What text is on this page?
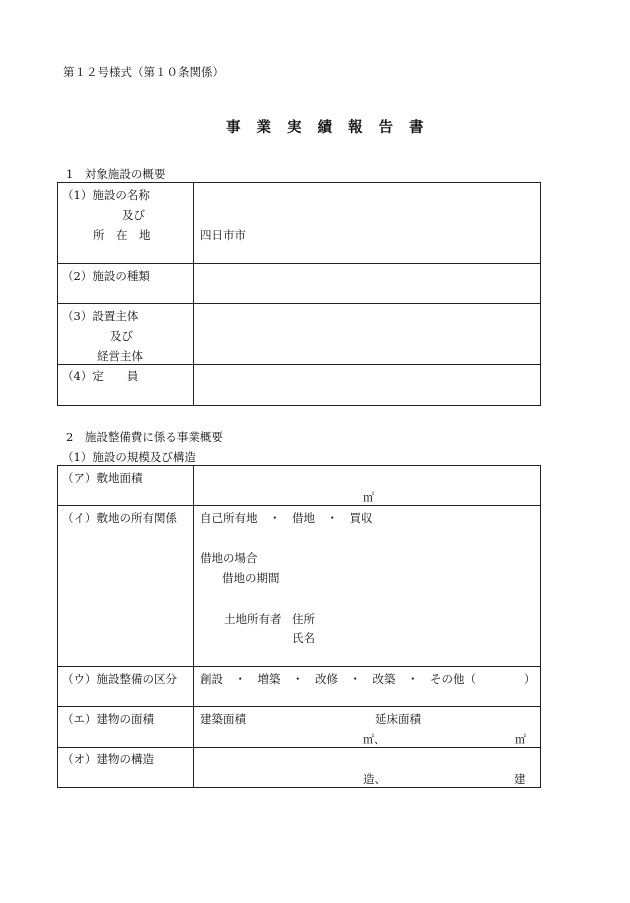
第１２号様式（第１０条関係）
事 業 実 績 報 告 書
1　対象施設の概要
（1）施設の名称
及び
所　在　地	四日市市
（2）施設の種類
（3）設置主体
及び
経営主体
（4）定　　員
2　施設整備費に係る事業概要
（1）施設の規模及び構造
（ア）敷地面積
㎡
（イ）敷地の所有関係 自己所有地　・　借地　・　買収
借地の場合
借地の期間
土地所有者 住所
氏名
（ウ）施設整備の区分 創設　・　増築　・　改修　・　改築　・　その他（	）
（エ）建物の面積	建築面積	延床面積
㎡、	㎡
（オ）建物の構造
造、	建
